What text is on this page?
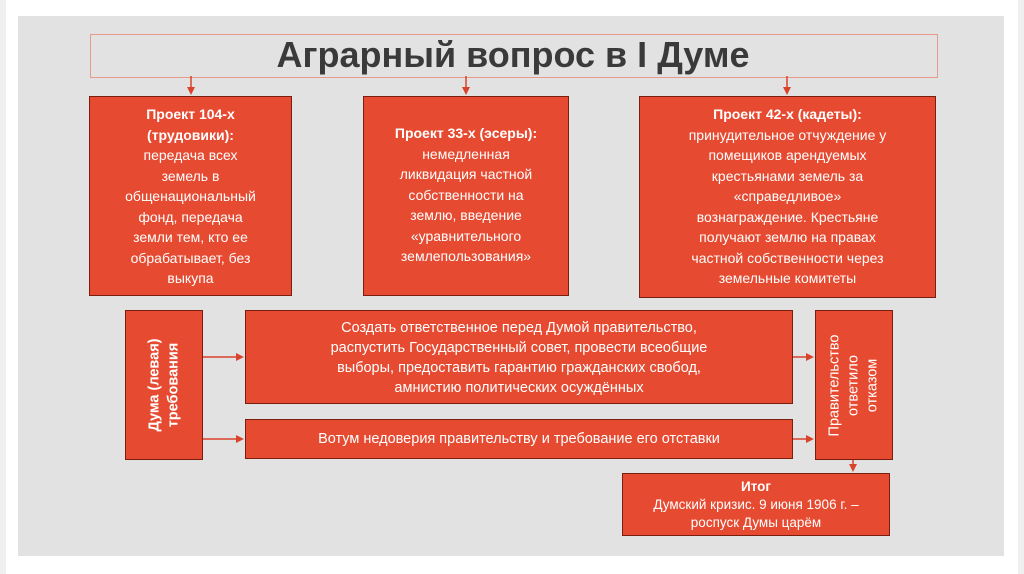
Аграрный вопрос в I Думе
Проект 104-х
(трудовики):
передача всех
земель в
общенациональный
фонд, передача
земли тем, кто ее
обрабатывает, без
выкупа
Проект 33-х (эсеры):
немедленная
ликвидация частной
собственности на
землю, введение
«уравнительного
землепользования»
Проект 42-х (кадеты):
принудительное отчуждение у
помещиков арендуемых
крестьянами земель за
«справедливое»
вознаграждение. Крестьяне
получают землю на правах
частной собственности через
земельные комитеты
Дума (левая) требования
Создать ответственное перед Думой правительство,
распустить Государственный совет, провести всеобщие
выборы, предоставить гарантию гражданских свобод,
амнистию политических осуждённых
Вотум недоверия правительству и требование его отставки
Правительство ответило отказом
Итог
Думский кризис. 9 июня 1906 г. –
роспуск Думы царём
